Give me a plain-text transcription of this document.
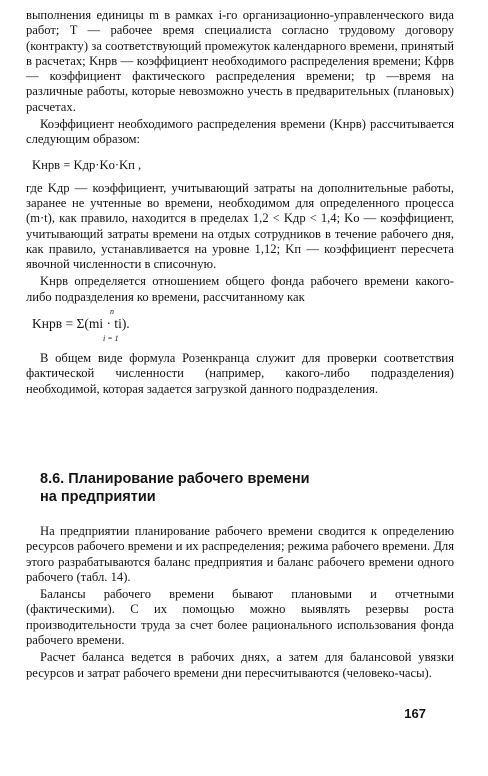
выполнения единицы m в рамках i-го организационно-управленческого вида работ; T — рабочее время специалиста согласно трудовому договору (контракту) за соответствующий промежуток календарного времени, принятый в расчетах; Kнрв — коэффициент необходимого распределения времени; Kфрв — коэффициент фактического распределения времени; tр —время на различные работы, которые невозможно учесть в предварительных (плановых) расчетах.

Коэффициент необходимого распределения времени (Kнрв) рассчитывается следующим образом:

Kнрв = Kдр·Kо·Kп ,

где Kдр — коэффициент, учитывающий затраты на дополнительные работы, заранее не учтенные во времени, необходимом для определенного процесса (m·t), как правило, находится в пределах 1,2 < Kдр < 1,4; Kо — коэффициент, учитывающий затраты времени на отдых сотрудников в течение рабочего дня, как правило, устанавливается на уровне 1,12; Kп — коэффициент пересчета явочной численности в списочную.

Kнрв определяется отношением общего фонда рабочего времени какого-либо подразделения ко времени, рассчитанному как

n

Kнрв = Σ(mi · ti).

i = 1

В общем виде формула Розенкранца служит для проверки соответствия фактической численности (например, какого-либо подразделения) необходимой, которая задается загрузкой данного подразделения.

8.6. Планирование рабочего времени
на предприятии

На предприятии планирование рабочего времени сводится к определению ресурсов рабочего времени и их распределения; режима рабочего времени. Для этого разрабатываются баланс предприятия и баланс рабочего времени одного рабочего (табл. 14).

Балансы рабочего времени бывают плановыми и отчетными (фактическими). С их помощью можно выявлять резервы роста производительности труда за счет более рационального использования фонда рабочего времени.

Расчет баланса ведется в рабочих днях, а затем для балансовой увязки ресурсов и затрат рабочего времени дни пересчитываются (человеко-часы).

167
